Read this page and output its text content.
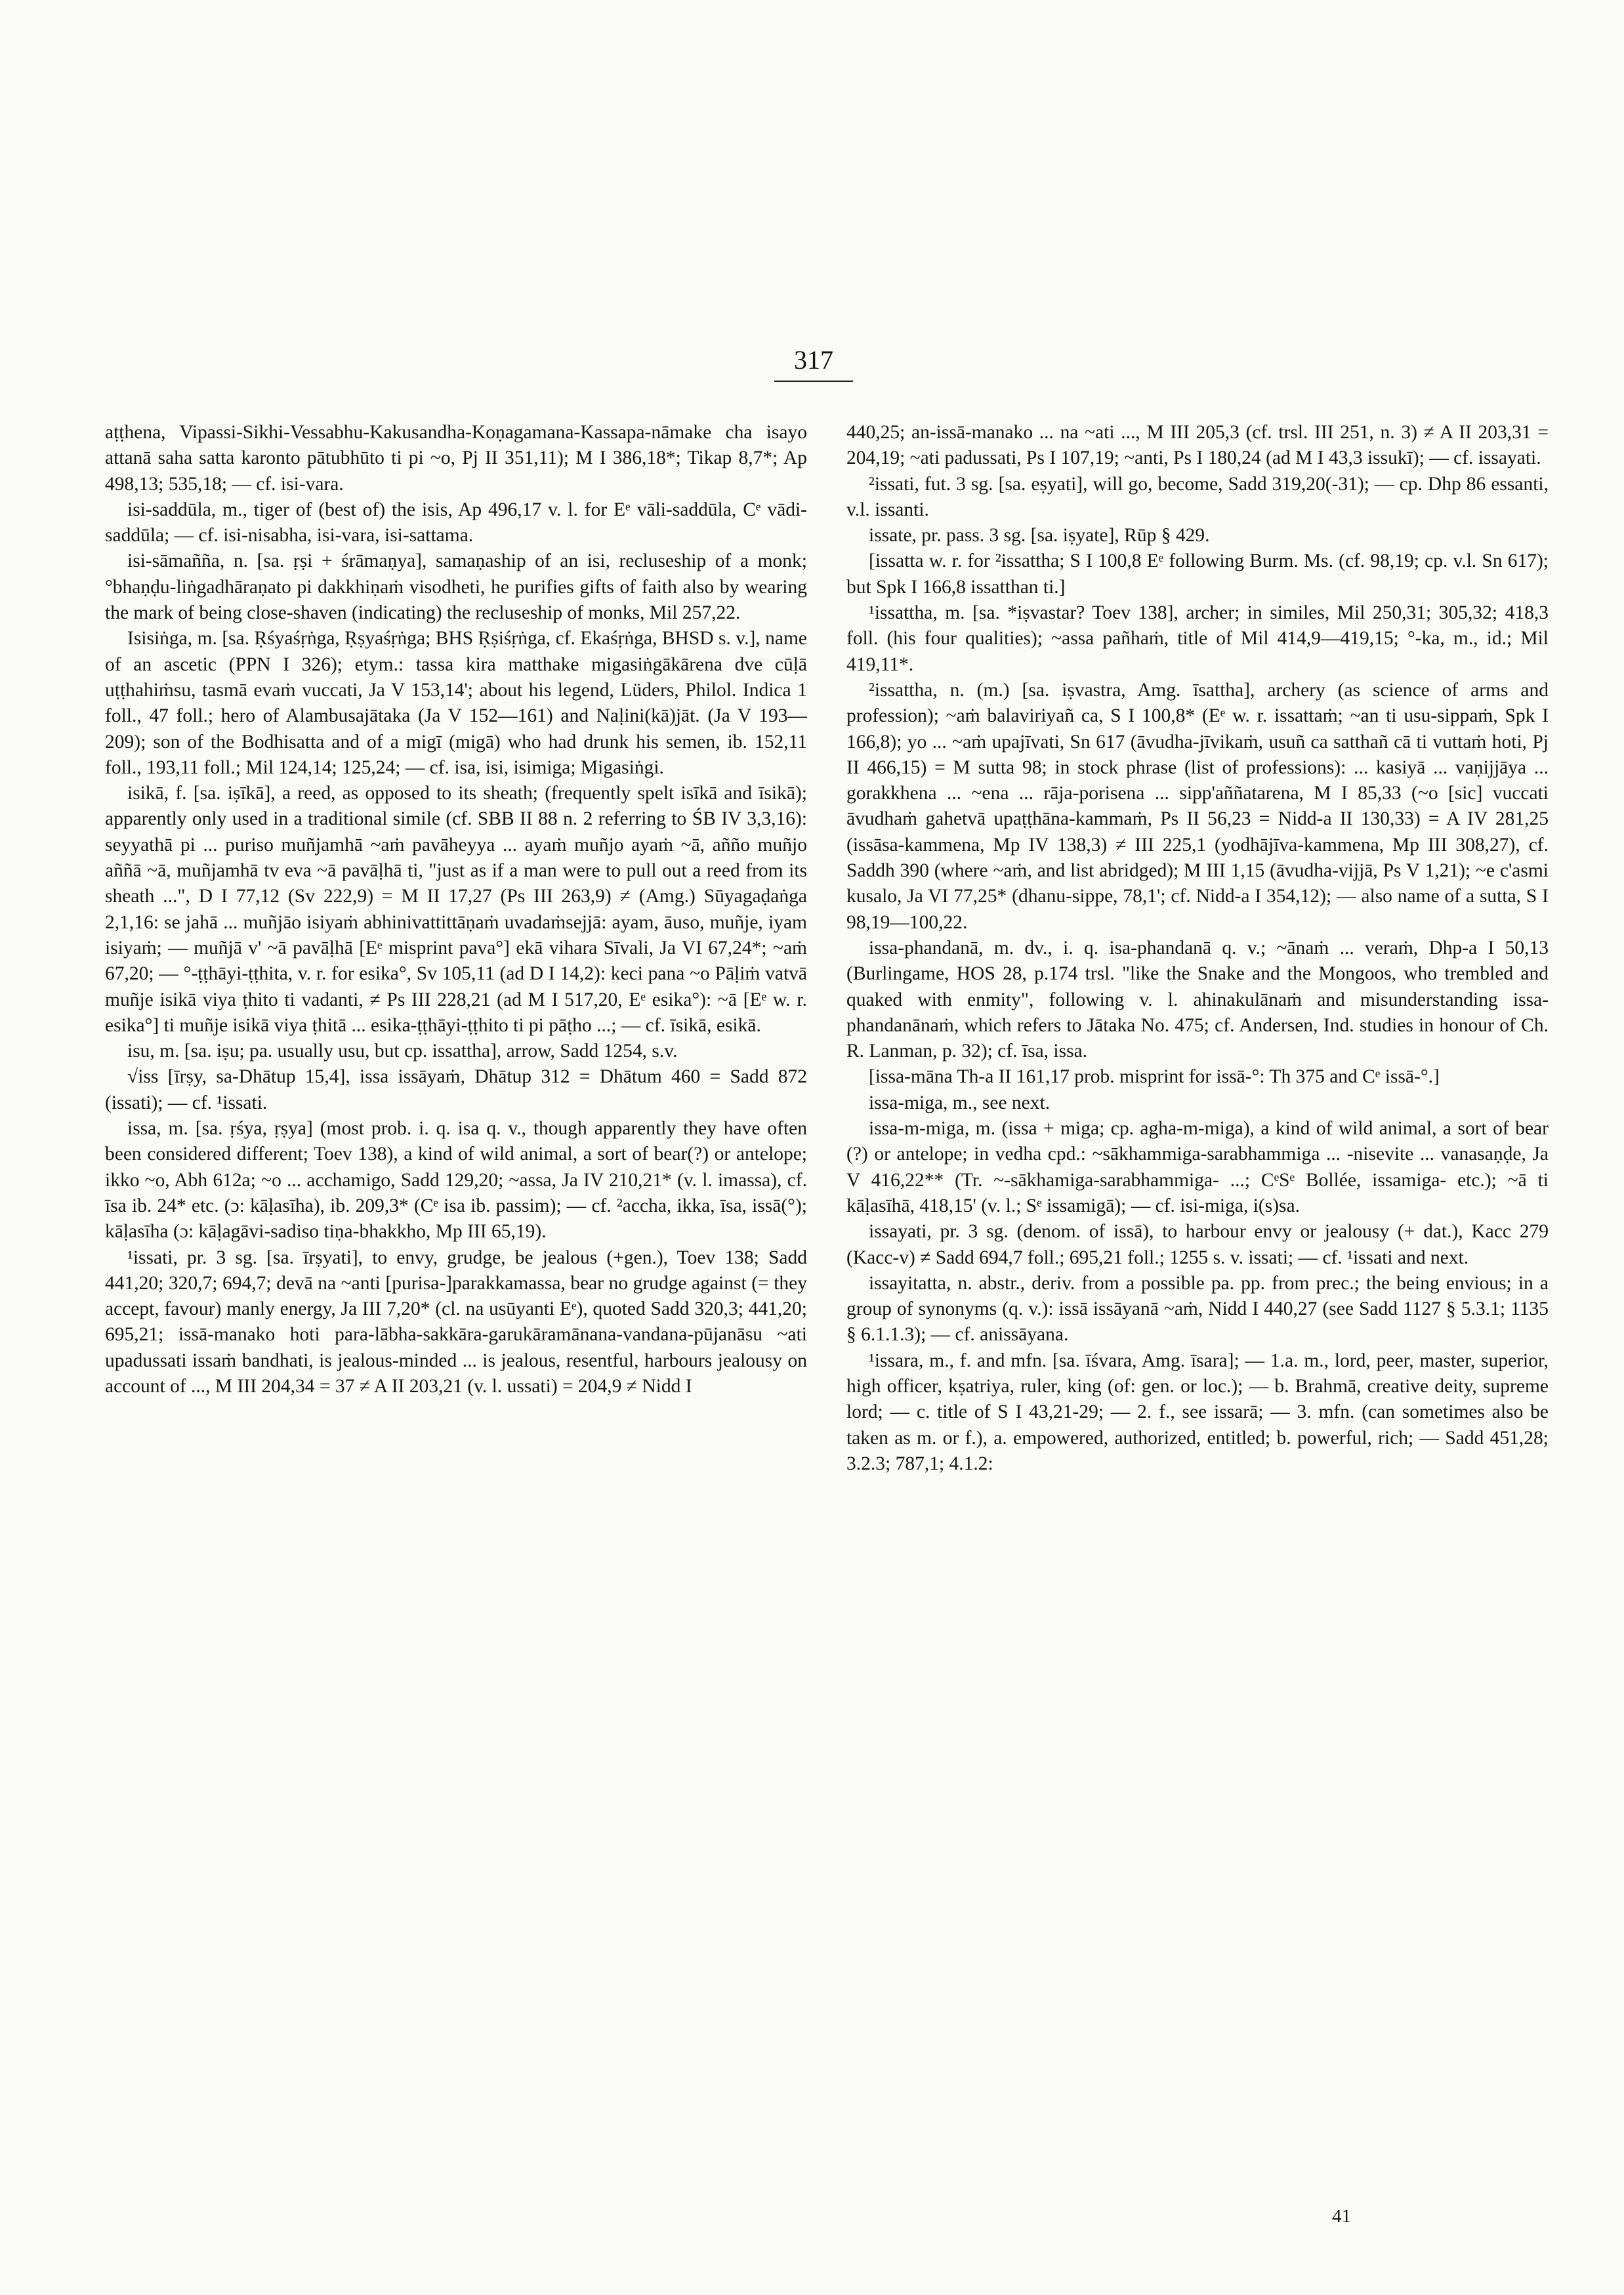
317

aṭṭhena, Vipassi-Sikhi-Vessabhu-Kakusandha-Koṇagamana-Kassapa-nāmake cha isayo attanā saha satta karonto pātubhūto ti pi ~o, Pj II 351,11); M I 386,18*; Tikap 8,7*; Ap 498,13; 535,18; — cf. isi-vara.

isi-saddūla, m., tiger of (best of) the isis, Ap 496,17 v. l. for Eᵉ vāli-saddūla, Cᵉ vādi-saddūla; — cf. isi-nisabha, isi-vara, isi-sattama.

isi-sāmañña, n. [sa. ṛṣi + śrāmaṇya], samaṇaship of an isi, recluseship of a monk; °bhaṇḍu-liṅgadhāraṇato pi dakkhiṇaṁ visodheti, he purifies gifts of faith also by wearing the mark of being close-shaven (indicating) the recluseship of monks, Mil 257,22.

Isisiṅga, m. [sa. Ṛśyaśṛṅga, Ṛṣyaśṛṅga; BHS Ṛṣiśṛṅga, cf. Ekaśṛṅga, BHSD s. v.], name of an ascetic (PPN I 326); etym.: tassa kira matthake migasiṅgākārena dve cūḷā uṭṭhahiṁsu, tasmā evaṁ vuccati, Ja V 153,14'; about his legend, Lüders, Philol. Indica 1 foll., 47 foll.; hero of Alambusajātaka (Ja V 152—161) and Naḷini(kā)jāt. (Ja V 193—209); son of the Bodhisatta and of a migī (migā) who had drunk his semen, ib. 152,11 foll., 193,11 foll.; Mil 124,14; 125,24; — cf. isa, isi, isimiga; Migasiṅgi.

isikā, f. [sa. iṣīkā], a reed, as opposed to its sheath; (frequently spelt isīkā and īsikā); apparently only used in a traditional simile (cf. SBB II 88 n. 2 referring to ŚB IV 3,3,16): seyyathā pi ... puriso muñjamhā ~aṁ pavāheyya ... ayaṁ muñjo ayaṁ ~ā, añño muñjo aññā ~ā, muñjamhā tv eva ~ā pavāḷhā ti, "just as if a man were to pull out a reed from its sheath ...", D I 77,12 (Sv 222,9) = M II 17,27 (Ps III 263,9) ≠ (Amg.) Sūyagaḍaṅga 2,1,16: se jahā ... muñjāo isiyaṁ abhinivattittāṇaṁ uvadaṁsejjā: ayam, āuso, muñje, iyam isiyaṁ; — muñjā v' ~ā pavāḷhā [Eᵉ misprint pava°] ekā vihara Sīvali, Ja VI 67,24*; ~aṁ 67,20; — °-ṭṭhāyi-ṭṭhita, v. r. for esika°, Sv 105,11 (ad D I 14,2): keci pana ~o Pāḷiṁ vatvā muñje isikā viya ṭhito ti vadanti, ≠ Ps III 228,21 (ad M I 517,20, Eᵉ esika°): ~ā [Eᵉ w. r. esika°] ti muñje isikā viya ṭhitā ... esika-ṭṭhāyi-ṭṭhito ti pi pāṭho ...; — cf. īsikā, esikā.

isu, m. [sa. iṣu; pa. usually usu, but cp. issattha], arrow, Sadd 1254, s.v.

√iss [īrṣy, sa-Dhātup 15,4], issa issāyaṁ, Dhātup 312 = Dhātum 460 = Sadd 872 (issati); — cf. ¹issati.

issa, m. [sa. ṛśya, ṛṣya] (most prob. i. q. isa q. v., though apparently they have often been considered different; Toev 138), a kind of wild animal, a sort of bear(?) or antelope; ikko ~o, Abh 612a; ~o ... acchamigo, Sadd 129,20; ~assa, Ja IV 210,21* (v. l. imassa), cf. īsa ib. 24* etc. (ɔ: kāḷasīha), ib. 209,3* (Cᵉ isa ib. passim); — cf. ²accha, ikka, īsa, issā(°); kāḷasīha (ɔ: kāḷagāvi-sadiso tiṇa-bhakkho, Mp III 65,19).

¹issati, pr. 3 sg. [sa. īrṣyati], to envy, grudge, be jealous (+gen.), Toev 138; Sadd 441,20; 320,7; 694,7; devā na ~anti [purisa-]parakkamassa, bear no grudge against (= they accept, favour) manly energy, Ja III 7,20* (cl. na usūyanti Eᵉ), quoted Sadd 320,3; 441,20; 695,21; issā-manako hoti para-lābha-sakkāra-garukāramānana-vandana-pūjanāsu ~ati upadussati issaṁ bandhati, is jealous-minded ... is jealous, resentful, harbours jealousy on account of ..., M III 204,34 = 37 ≠ A II 203,21 (v. l. ussati) = 204,9 ≠ Nidd I

440,25; an-issā-manako ... na ~ati ..., M III 205,3 (cf. trsl. III 251, n. 3) ≠ A II 203,31 = 204,19; ~ati padussati, Ps I 107,19; ~anti, Ps I 180,24 (ad M I 43,3 issukī); — cf. issayati.

²issati, fut. 3 sg. [sa. eṣyati], will go, become, Sadd 319,20(-31); — cp. Dhp 86 essanti, v.l. issanti.

issate, pr. pass. 3 sg. [sa. iṣyate], Rūp § 429.

[issatta w. r. for ²issattha; S I 100,8 Eᵉ following Burm. Ms. (cf. 98,19; cp. v.l. Sn 617); but Spk I 166,8 issatthan ti.]

¹issattha, m. [sa. *iṣvastar? Toev 138], archer; in similes, Mil 250,31; 305,32; 418,3 foll. (his four qualities); ~assa pañhaṁ, title of Mil 414,9—419,15; °-ka, m., id.; Mil 419,11*.

²issattha, n. (m.) [sa. iṣvastra, Amg. īsattha], archery (as science of arms and profession); ~aṁ balaviriyañ ca, S I 100,8* (Eᵉ w. r. issattaṁ; ~an ti usu-sippaṁ, Spk I 166,8); yo ... ~aṁ upajīvati, Sn 617 (āvudha-jīvikaṁ, usuñ ca satthañ cā ti vuttaṁ hoti, Pj II 466,15) = M sutta 98; in stock phrase (list of professions): ... kasiyā ... vaṇijjāya ... gorakkhena ... ~ena ... rāja-porisena ... sipp'aññatarena, M I 85,33 (~o [sic] vuccati āvudhaṁ gahetvā upaṭṭhāna-kammaṁ, Ps II 56,23 = Nidd-a II 130,33) = A IV 281,25 (issāsa-kammena, Mp IV 138,3) ≠ III 225,1 (yodhājīva-kammena, Mp III 308,27), cf. Saddh 390 (where ~aṁ, and list abridged); M III 1,15 (āvudha-vijjā, Ps V 1,21); ~e c'asmi kusalo, Ja VI 77,25* (dhanu-sippe, 78,1'; cf. Nidd-a I 354,12); — also name of a sutta, S I 98,19—100,22.

issa-phandanā, m. dv., i. q. isa-phandanā q. v.; ~ānaṁ ... veraṁ, Dhp-a I 50,13 (Burlingame, HOS 28, p.174 trsl. "like the Snake and the Mongoos, who trembled and quaked with enmity", following v. l. ahinakulānaṁ and misunderstanding issa-phandanānaṁ, which refers to Jātaka No. 475; cf. Andersen, Ind. studies in honour of Ch. R. Lanman, p. 32); cf. īsa, issa.

[issa-māna Th-a II 161,17 prob. misprint for issā-°: Th 375 and Cᵉ issā-°.]

issa-miga, m., see next.

issa-m-miga, m. (issa + miga; cp. agha-m-miga), a kind of wild animal, a sort of bear (?) or antelope; in vedha cpd.: ~sākhammiga-sarabhammiga ... -nisevite ... vanasaṇḍe, Ja V 416,22** (Tr. ~-sākhamiga-sarabhammiga- ...; CᵉSᵉ Bollée, issamiga- etc.); ~ā ti kāḷasīhā, 418,15' (v. l.; Sᵉ issamigā); — cf. isi-miga, i(s)sa.

issayati, pr. 3 sg. (denom. of issā), to harbour envy or jealousy (+ dat.), Kacc 279 (Kacc-v) ≠ Sadd 694,7 foll.; 695,21 foll.; 1255 s. v. issati; — cf. ¹issati and next.

issayitatta, n. abstr., deriv. from a possible pa. pp. from prec.; the being envious; in a group of synonyms (q. v.): issā issāyanā ~aṁ, Nidd I 440,27 (see Sadd 1127 § 5.3.1; 1135 § 6.1.1.3); — cf. anissāyana.

¹issara, m., f. and mfn. [sa. īśvara, Amg. īsara]; — 1.a. m., lord, peer, master, superior, high officer, kṣatriya, ruler, king (of: gen. or loc.); — b. Brahmā, creative deity, supreme lord; — c. title of S I 43,21-29; — 2. f., see issarā; — 3. mfn. (can sometimes also be taken as m. or f.), a. empowered, authorized, entitled; b. powerful, rich; — Sadd 451,28; 3.2.3; 787,1; 4.1.2:

41
